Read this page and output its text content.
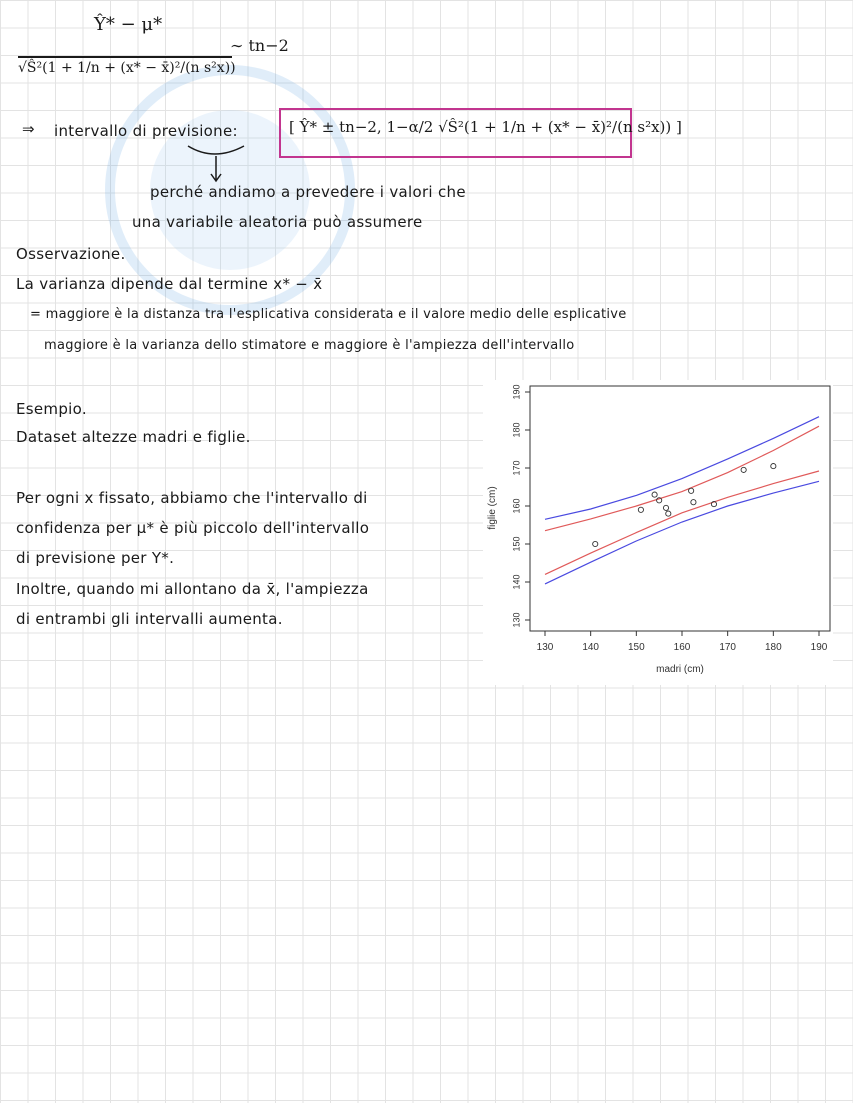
Ŷ* − μ*
√Ŝ²(1 + 1/n + (x* − x̄)²/(n s²x))
∼ tn−2
⇒ intervallo di previsione:	[ Ŷ* ± tn−2, 1−α/2 √Ŝ²(1 + 1/n + (x* − x̄)²/(n s²x)) ]
perché andiamo a prevedere i valori che
una variabile aleatoria può assumere
Osservazione.
La varianza dipende dal termine x* − x̄
= maggiore è la distanza tra l'esplicativa considerata e il valore medio delle esplicative
maggiore è la varianza dello stimatore e maggiore è l'ampiezza dell'intervallo
Esempio.
Dataset altezze madri e figlie.
Per ogni x fissato, abbiamo che l'intervallo di
confidenza per μ* è più piccolo dell'intervallo
di previsione per Y*.
Inoltre, quando mi allontano da x̄, l'ampiezza
di entrambi gli intervalli aumenta.
130	140	150	160	170	180	190
130
140
150
160
170
180
190
madri (cm)
figlie (cm)
